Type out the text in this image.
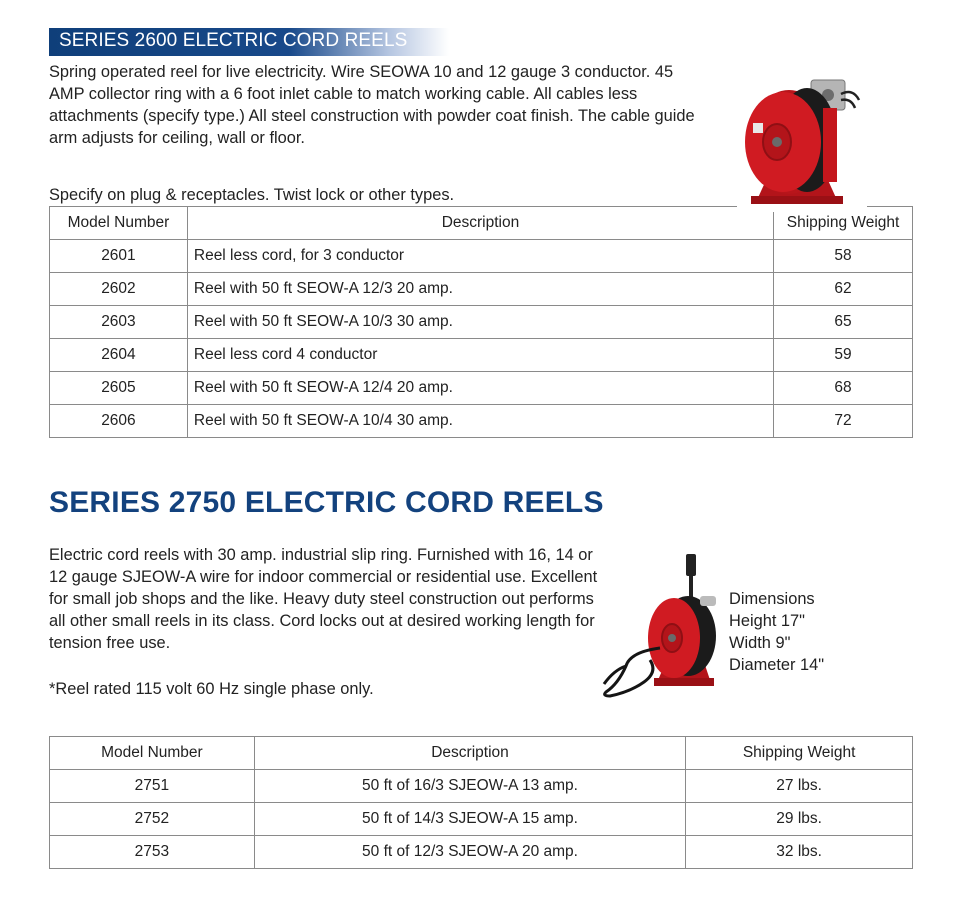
SERIES 2600 ELECTRIC CORD REELS
Spring operated reel for live electricity. Wire SEOWA 10 and 12 gauge 3 conductor. 45 AMP collector ring with a 6 foot inlet cable to match working cable. All cables less attachments (specify type.) All steel construction with powder coat finish. The cable guide arm adjusts for ceiling, wall or floor.
Specify on plug & receptacles. Twist lock or other types.
Model Number	Description	Shipping Weight
2601	Reel less cord, for 3 conductor	58
2602	Reel with 50 ft SEOW-A 12/3 20 amp.	62
2603	Reel with 50 ft SEOW-A 10/3 30 amp.	65
2604	Reel less cord 4 conductor	59
2605	Reel with 50 ft SEOW-A 12/4 20 amp.	68
2606	Reel with 50 ft SEOW-A 10/4 30 amp.	72
SERIES 2750 ELECTRIC CORD REELS
Electric cord reels with 30 amp. industrial slip ring. Furnished with 16, 14 or 12 gauge SJEOW-A wire for indoor commercial or residential use. Excellent for small job shops and the like. Heavy duty steel construction out performs all other small reels in its class. Cord locks out at desired working length for tension free use.
*Reel rated 115 volt 60 Hz single phase only.
Dimensions
Height 17"
Width 9"
Diameter 14"
Model Number	Description	Shipping Weight
2751	50 ft of 16/3 SJEOW-A 13 amp.	27 lbs.
2752	50 ft of 14/3 SJEOW-A 15 amp.	29 lbs.
2753	50 ft of 12/3 SJEOW-A 20 amp.	32 lbs.
